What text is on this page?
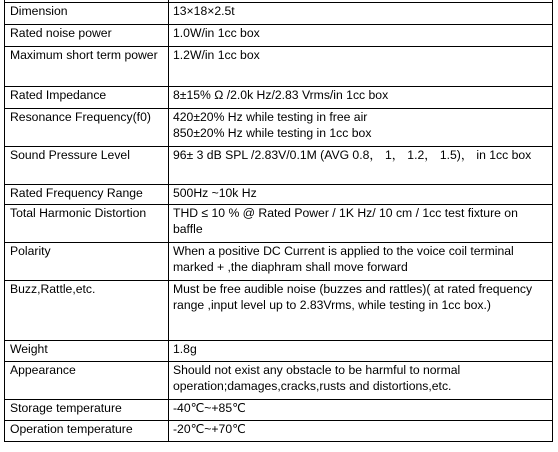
Dimension	13×18×2.5t
Rated noise power	1.0W/in 1cc box
Maximum short term power	1.2W/in 1cc box
Rated Impedance	8±15% Ω /2.0k Hz/2.83 Vrms/in 1cc box
Resonance Frequency(f0)	420±20% Hz while testing in free air
850±20% Hz while testing in 1cc box
Sound Pressure Level	96± 3 dB SPL /2.83V/0.1M (AVG 0.8， 1， 1.2， 1.5)， in 1cc box
Rated Frequency Range	500Hz ~10k Hz
Total Harmonic Distortion	THD ≤ 10 % @ Rated Power / 1K Hz/ 10 cm / 1cc test fixture on baffle
Polarity	When a positive DC Current is applied to the voice coil terminal marked + ,the diaphram shall move forward
Buzz,Rattle,etc.	Must be free audible noise (buzzes and rattles)( at rated frequency range ,input level up to 2.83Vrms, while testing in 1cc box.)
Weight	1.8g
Appearance	Should not exist any obstacle to be harmful to normal operation;damages,cracks,rusts and distortions,etc.
Storage temperature	-40℃~+85℃
Operation temperature	-20℃~+70℃
